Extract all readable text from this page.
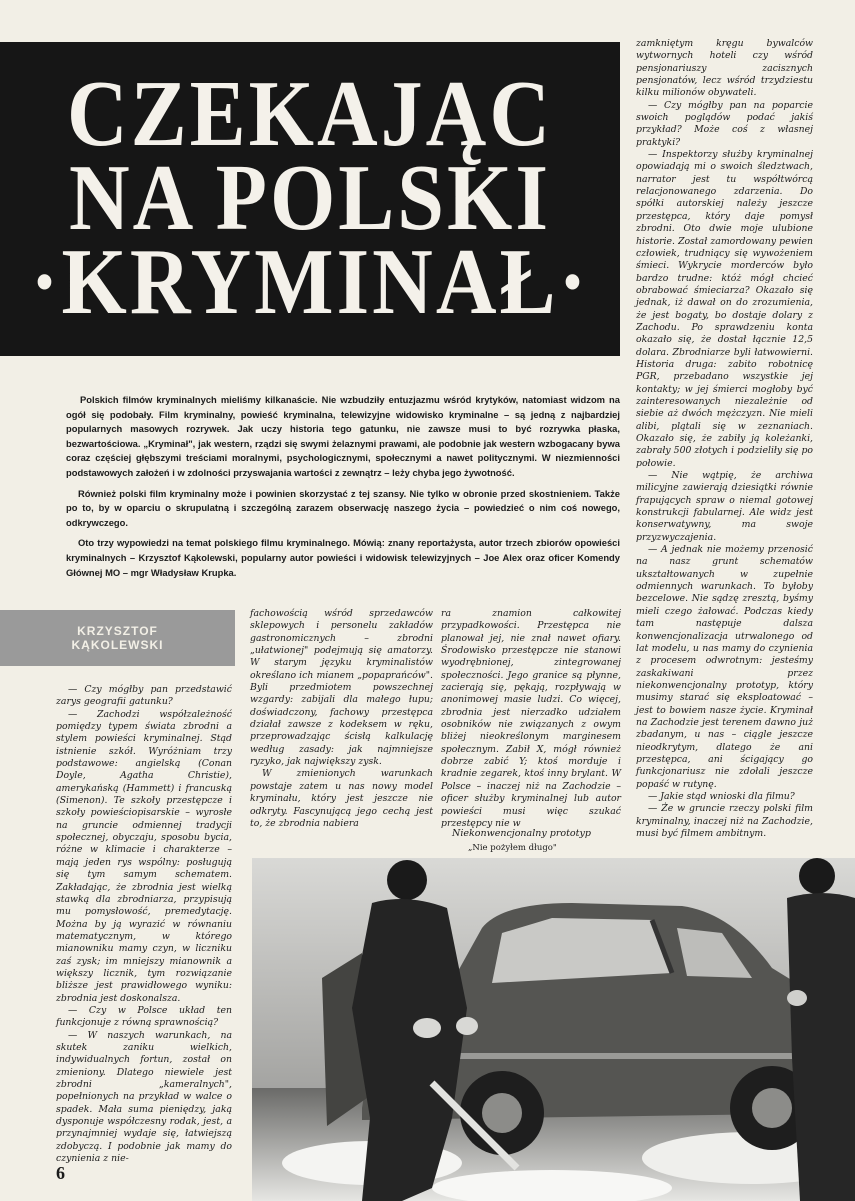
CZEKAJĄC
NA POLSKI
·KRYMINAŁ·

Polskich filmów kryminalnych mieliśmy kilkanaście. Nie wzbudziły entuzjazmu wśród krytyków, natomiast widzom na ogół się podobały. Film kryminalny, powieść kryminalna, telewizyjne widowisko kryminalne – są jedną z najbardziej popularnych masowych rozrywek. Jak uczy historia tego gatunku, nie zawsze musi to być rozrywka płaska, bezwartościowa. „Kryminał", jak western, rządzi się swymi żelaznymi prawami, ale podobnie jak western wzbogacany bywa coraz częściej głębszymi treściami moralnymi, psychologicznymi, społecznymi a nawet politycznymi. W niezmienności podstawowych założeń i w zdolności przyswajania wartości z zewnątrz – leży chyba jego żywotność.

Również polski film kryminalny może i powinien skorzystać z tej szansy. Nie tylko w obronie przed skostnieniem. Także po to, by w oparciu o skrupulatną i szczególną zarazem obserwację naszego życia – powiedzieć o nim coś nowego, odkrywczego.

Oto trzy wypowiedzi na temat polskiego filmu kryminalnego. Mówią: znany reportażysta, autor trzech zbiorów opowieści kryminalnych – Krzysztof Kąkolewski, popularny autor powieści i widowisk telewizyjnych – Joe Alex oraz oficer Komendy Głównej MO – mgr Władysław Krupka.

zamkniętym kręgu bywalców wytwornych hoteli czy wśród pensjonariuszy zacisznych pensjonatów, lecz wśród trzydziestu kilku milionów obywateli.

— Czy mógłby pan na poparcie swoich poglądów podać jakiś przykład? Może coś z własnej praktyki?

— Inspektorzy służby kryminalnej opowiadają mi o swoich śledztwach, narrator jest tu współtwórcą relacjonowanego zdarzenia. Do spółki autorskiej należy jeszcze przestępca, który daje pomysł zbrodni. Oto dwie moje ulubione historie. Został zamordowany pewien człowiek, trudniący się wywożeniem śmieci. Wykrycie morderców było bardzo trudne: któż mógł chcieć obrabować śmieciarza? Okazało się jednak, iż dawał on do zrozumienia, że jest bogaty, bo dostaje dolary z Zachodu. Po sprawdzeniu konta okazało się, że dostał łącznie 12,5 dolara. Zbrodniarze byli łatwowierni. Historia druga: zabito robotnicę PGR, przebadano wszystkie jej kontakty; w jej śmierci mogłoby być zainteresowanych niezależnie od siebie aż dwóch mężczyzn. Nie mieli alibi, plątali się w zeznaniach. Okazało się, że zabiły ją koleżanki, zabrały 500 złotych i podzieliły się po połowie.

— Nie wątpię, że archiwa milicyjne zawierają dziesiątki równie frapujących spraw o niemal gotowej konstrukcji fabularnej. Ale widz jest konserwatywny, ma swoje przyzwyczajenia.

— A jednak nie możemy przenosić na nasz grunt schematów ukształtowanych w zupełnie odmiennych warunkach. To byłoby bezcelowe. Nie sądzę zresztą, byśmy mieli czego żałować. Podczas kiedy tam następuje dalsza konwencjonalizacja utrwalonego od lat modelu, u nas mamy do czynienia z procesem odwrotnym: jesteśmy zaskakiwani przez niekonwencjonalny prototyp, który musimy starać się eksploatować – jest to bowiem nasze życie. Kryminał na Zachodzie jest terenem dawno już zbadanym, u nas – ciągle jeszcze nieodkrytym, dlatego że ani przestępca, ani ścigający go funkcjonariusz nie zdołali jeszcze popaść w rutynę.

— Jakie stąd wnioski dla filmu?

— Że w gruncie rzeczy polski film kryminalny, inaczej niż na Zachodzie, musi być filmem ambitnym.

KRZYSZTOF
KĄKOLEWSKI

— Czy mógłby pan przedstawić zarys geografii gatunku?

— Zachodzi współzależność pomiędzy typem świata zbrodni a stylem powieści kryminalnej. Stąd istnienie szkół. Wyróżniam trzy podstawowe: angielską (Conan Doyle, Agatha Christie), amerykańską (Hammett) i francuską (Simenon). Te szkoły przestępcze i szkoły powieściopisarskie – wyrosłe na gruncie odmiennej tradycji społecznej, obyczaju, sposobu bycia, różne w klimacie i charakterze – mają jeden rys wspólny: posługują się tym samym schematem. Zakładając, że zbrodnia jest wielką stawką dla zbrodniarza, przypisują mu pomysłowość, premedytację. Można by ją wyrazić w równaniu matematycznym, w którego mianowniku mamy czyn, w liczniku zaś zysk; im mniejszy mianownik a większy licznik, tym rozwiązanie bliższe jest prawidłowego wyniku: zbrodnia jest doskonalsza.

— Czy w Polsce układ ten funkcjonuje z równą sprawnością?

— W naszych warunkach, na skutek zaniku wielkich, indywidualnych fortun, został on zmieniony. Dlatego niewiele jest zbrodni „kameralnych", popełnionych na przykład w walce o spadek. Mała suma pieniędzy, jaką dysponuje współczesny rodak, jest, a przynajmniej wydaje się, łatwiejszą zdobyczą. I podobnie jak mamy do czynienia z nie-

fachowością wśród sprzedawców sklepowych i personelu zakładów gastronomicznych – zbrodni „ułatwionej" podejmują się amatorzy. W starym języku kryminalistów określano ich mianem „popaprańców". Byli przedmiotem powszechnej wzgardy: zabijali dla małego łupu; doświadczony, fachowy przestępca działał zawsze z kodeksem w ręku, przeprowadzając ścisłą kalkulację według zasady: jak najmniejsze ryzyko, jak największy zysk.

W zmienionych warunkach powstaje zatem u nas nowy model kryminału, który jest jeszcze nie odkryty. Fascynującą jego cechą jest to, że zbrodnia nabiera

ra znamion całkowitej przypadkowości. Przestępca nie planował jej, nie znał nawet ofiary. Środowisko przestępcze nie stanowi wyodrębnionej, zintegrowanej społeczności. Jego granice są płynne, zacierają się, pękają, rozpływają w anonimowej masie ludzi. Co więcej, zbrodnia jest nierzadko udziałem osobników nie związanych z owym bliżej nieokreślonym marginesem społecznym. Zabił X, mógł również dobrze zabić Y; ktoś morduje i kradnie zegarek, ktoś inny brylant. W Polsce – inaczej niż na Zachodzie – oficer służby kryminalnej lub autor powieści musi więc szukać przestępcy nie w

Niekonwencjonalny prototyp
„Nie pożyłem długo"
6
